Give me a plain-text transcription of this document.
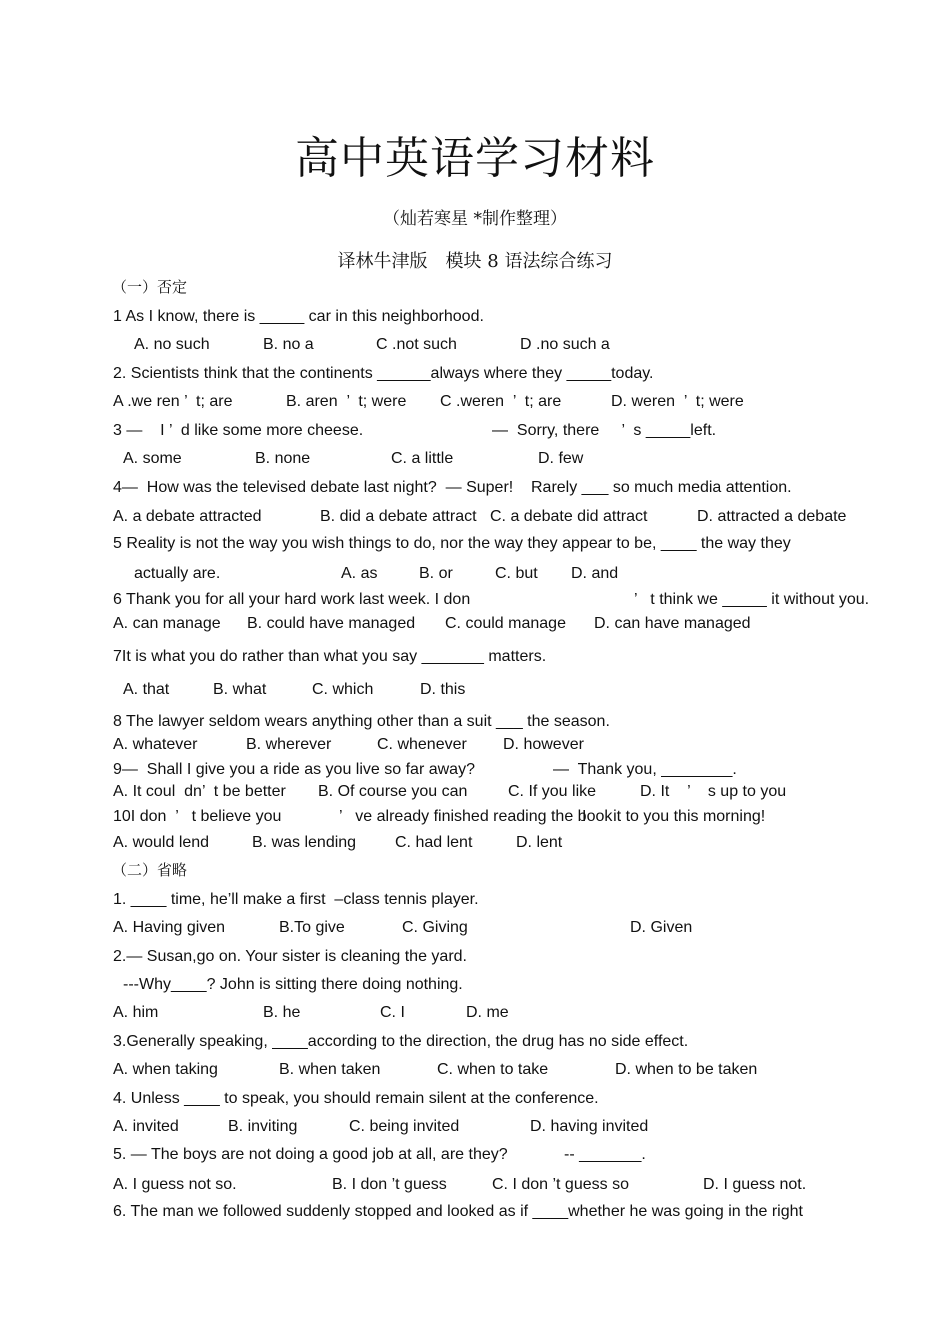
高中英语学习材料
（灿若寒星 *制作整理）
译林牛津版　模块 8 语法综合练习
（一）否定
1 As I know, there is _____ car in this neighborhood.
A. no such	B. no a	C .not such	D .no such a
2. Scientists think that the continents ______always where they _____today.
A .we ren ’  t; are	B. aren  ’  t; were C .weren  ’  t; are	D. weren  ’  t; were
3 —    I ’  d like some more cheese.	—  Sorry, there     ’  s _____left.
A. some	B. none	C. a little	D. few
4—  How was the televised debate last night?  — Super!    Rarely ___ so much media attention.
A. a debate attracted	B. did a debate attract C. a debate did attract	D. attracted a debate
5 Reality is not the way you wish things to do, nor the way they appear to be, ____ the way they
actually are.	A. as	B. or	C. but D. and
6 Thank you for all your hard work last week. I don	’   t think we _____ it without you.
A. can manage B. could have managed C. could manage D. can have managed
7It is what you do rather than what you say _______ matters.
A. that	B. what	C. which	D. this
8 The lawyer seldom wears anything other than a suit ___ the season.
A. whatever	B. wherever	C. whenever D. however
9—  Shall I give you a ride as you live so far away?	—  Thank you, ________.
A. It coul  dn’  t be better B. Of course you can	C. If you like	D. It    ’    s up to you
10I don  ’   t believe you	’   ve already finished reading the book
I      it to you this morning!
A. would lend	B. was lending C. had lent	D. lent
（二）省略
1. ____ time, he’ll make a first  –class tennis player.
A. Having given	B.To give	C. Giving	D. Given
2.— Susan,go on. Your sister is cleaning the yard.
---Why____? John is sitting there doing nothing.
A. him	B. he	C. I	D. me
3.Generally speaking, ____according to the direction, the drug has no side effect.
A. when taking	B. when taken	C. when to take	D. when to be taken
4. Unless ____ to speak, you should remain silent at the conference.
A. invited	B. inviting	C. being invited	D. having invited
5. — The boys are not doing a good job at all, are they?	-- _______.
A. I guess not so.	B. I don ’t guess	C. I don ’t guess so	D. I guess not.
6. The man we followed suddenly stopped and looked as if ____whether he was going in the right
